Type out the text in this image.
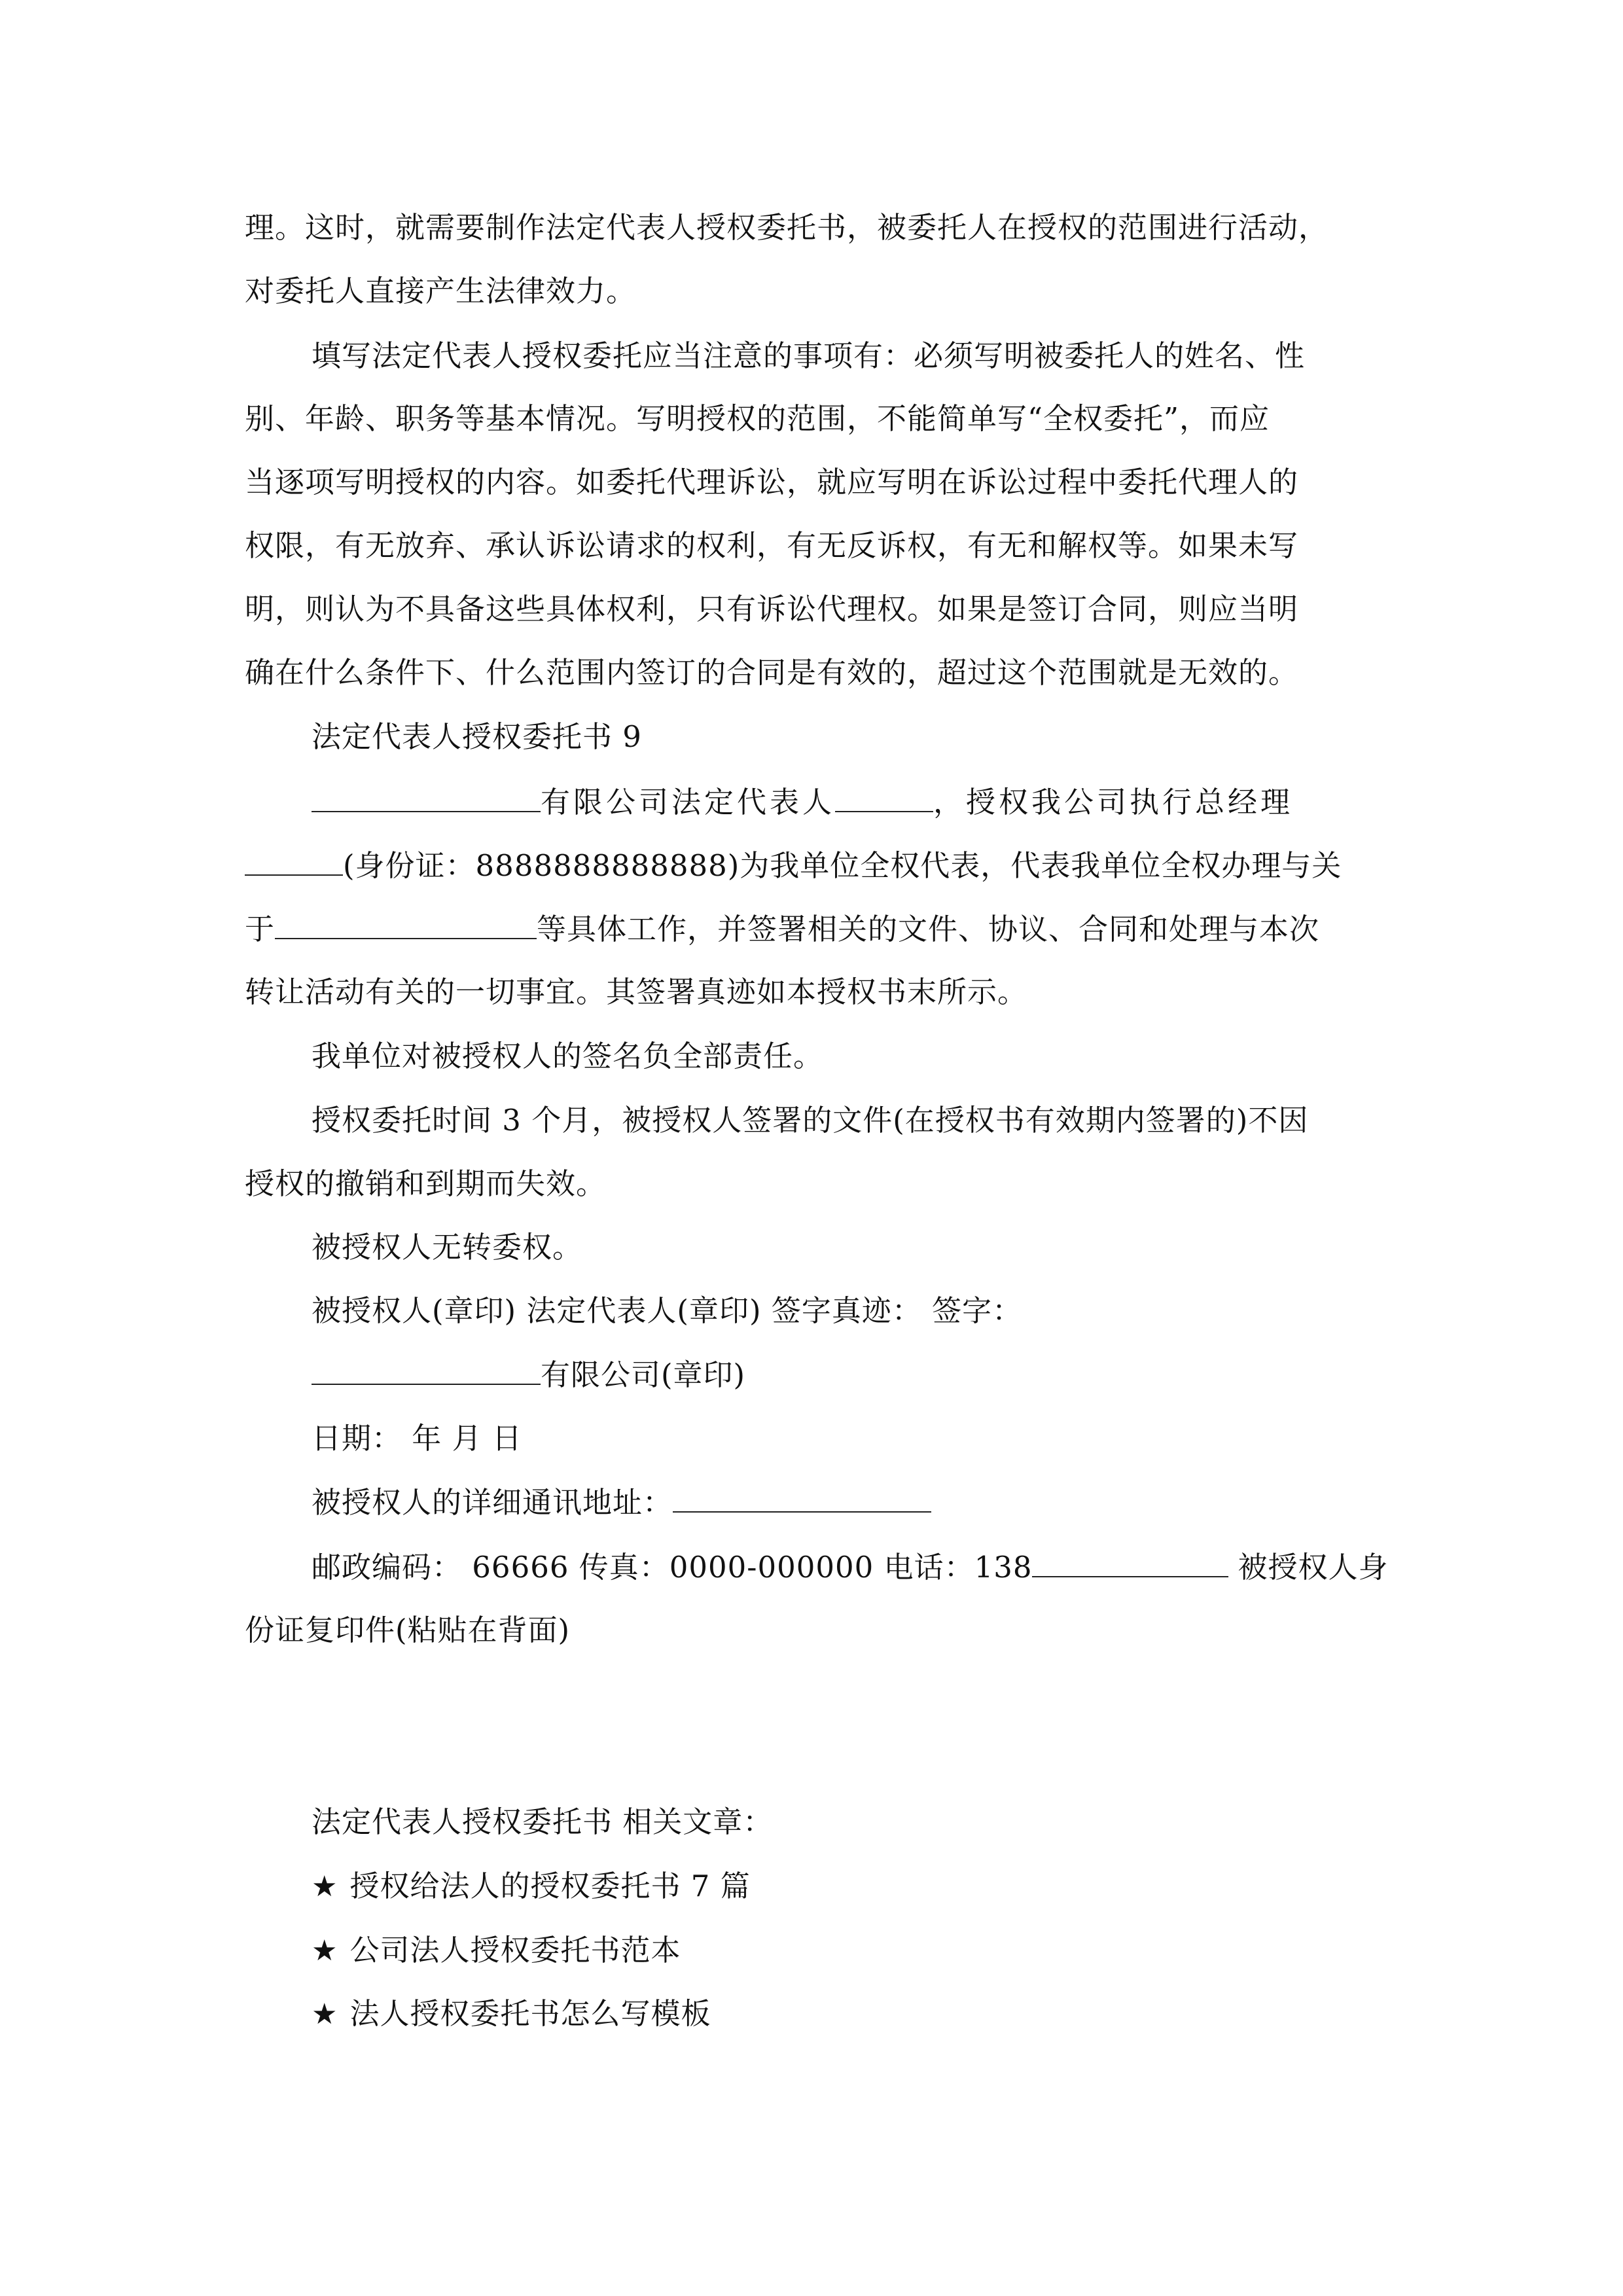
理。这时，就需要制作法定代表人授权委托书，被委托人在授权的范围进行活动，
对委托人直接产生法律效力。
填写法定代表人授权委托应当注意的事项有：必须写明被委托人的姓名、性
别、年龄、职务等基本情况。写明授权的范围，不能简单写“全权委托”，而应
当逐项写明授权的内容。如委托代理诉讼，就应写明在诉讼过程中委托代理人的
权限，有无放弃、承认诉讼请求的权利，有无反诉权，有无和解权等。如果未写
明，则认为不具备这些具体权利，只有诉讼代理权。如果是签订合同，则应当明
确在什么条件下、什么范围内签订的合同是有效的，超过这个范围就是无效的。
法定代表人授权委托书 9
有限公司法定代表人	，授权我公司执行总经理
(身份证：8888888888888)为我单位全权代表，代表我单位全权办理与关
于	等具体工作，并签署相关的文件、协议、合同和处理与本次
转让活动有关的一切事宜。其签署真迹如本授权书末所示。
我单位对被授权人的签名负全部责任。
授权委托时间 3 个月，被授权人签署的文件(在授权书有效期内签署的)不因
授权的撤销和到期而失效。
被授权人无转委权。
被授权人(章印) 法定代表人(章印) 签字真迹： 签字：
有限公司(章印)
日期： 年 月 日
被授权人的详细通讯地址：
邮政编码： 66666 传真：0000-000000 电话：138	被授权人身
份证复印件(粘贴在背面)
法定代表人授权委托书 相关文章：
★ 授权给法人的授权委托书 7 篇
★ 公司法人授权委托书范本
★ 法人授权委托书怎么写模板
